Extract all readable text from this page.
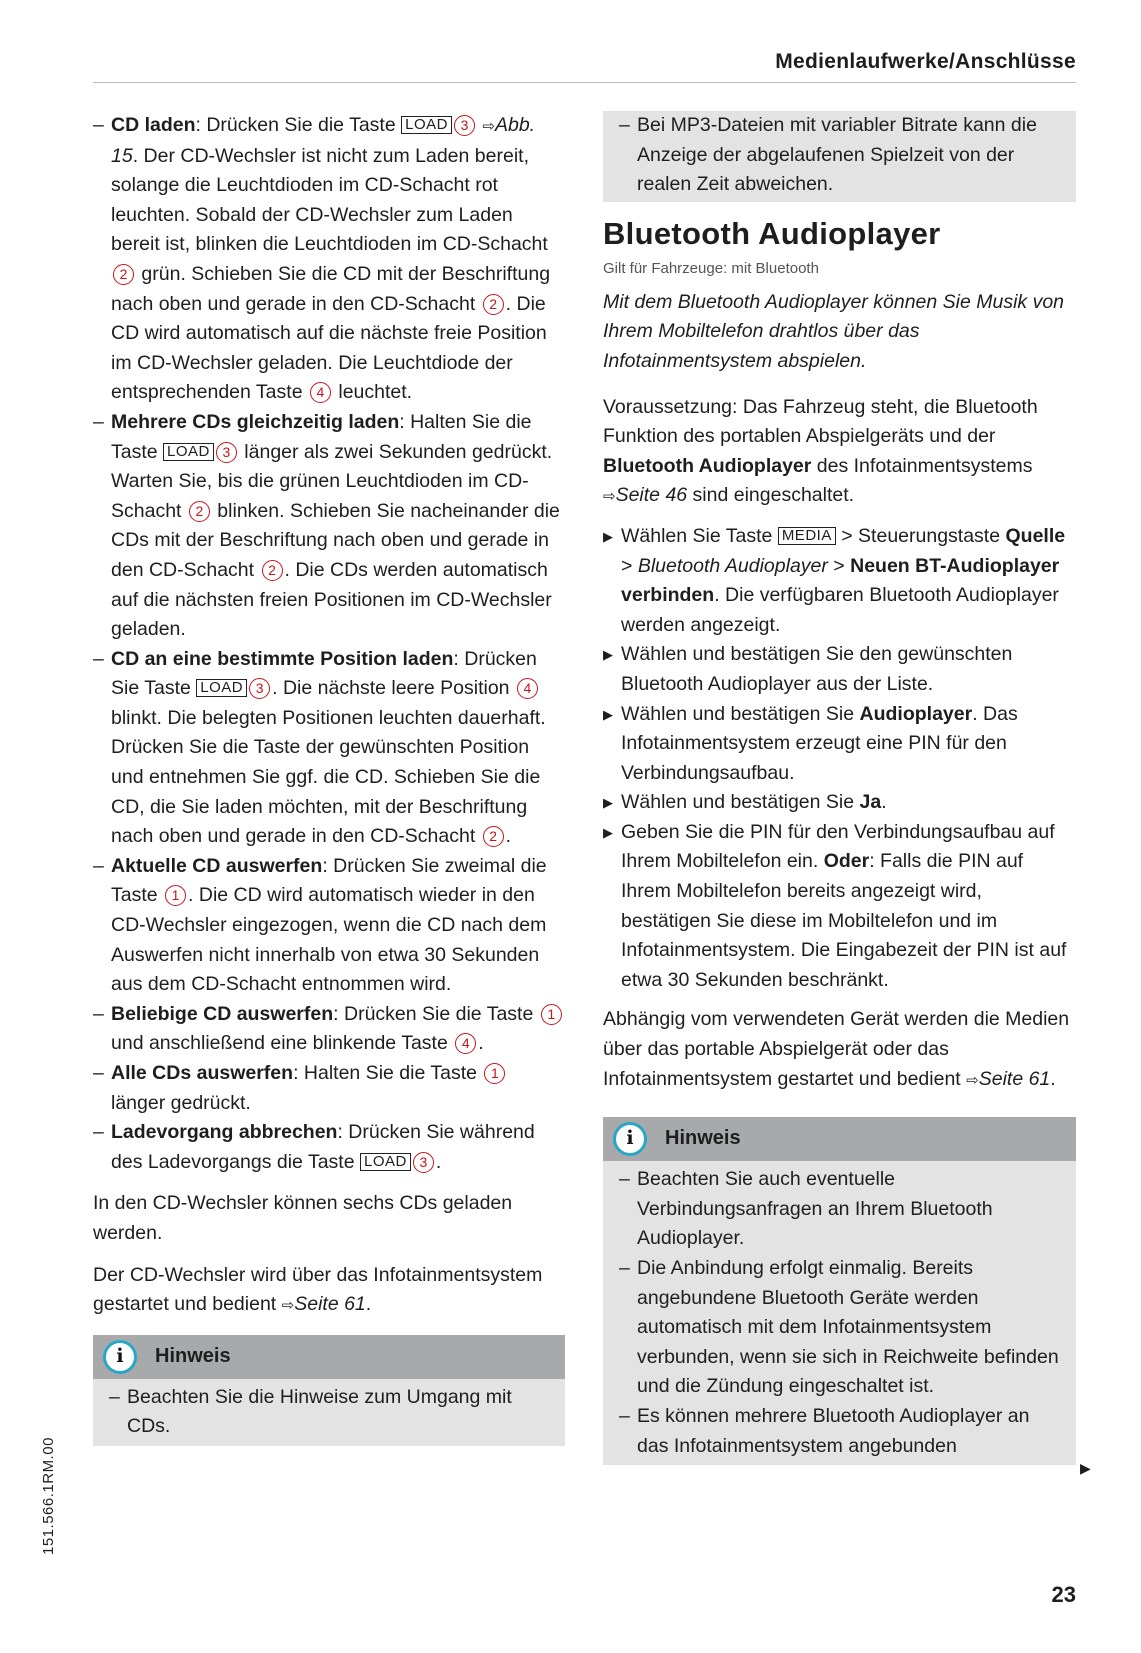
Medienlaufwerke/Anschlüsse

– CD laden: Drücken Sie die Taste LOAD 3 ⇨Abb. 15. Der CD-Wechsler ist nicht zum Laden bereit, solange die Leuchtdioden im CD-Schacht rot leuchten. Sobald der CD-Wechsler zum Laden bereit ist, blinken die Leuchtdioden im CD-Schacht 2 grün. Schieben Sie die CD mit der Beschriftung nach oben und gerade in den CD-Schacht 2 . Die CD wird automatisch auf die nächste freie Position im CD-Wechsler geladen. Die Leuchtdiode der entsprechenden Taste 4 leuchtet.

– Mehrere CDs gleichzeitig laden: Halten Sie die Taste LOAD 3 länger als zwei Sekunden gedrückt. Warten Sie, bis die grünen Leuchtdioden im CD-Schacht 2 blinken. Schieben Sie nacheinander die CDs mit der Beschriftung nach oben und gerade in den CD-Schacht 2 . Die CDs werden automatisch auf die nächsten freien Positionen im CD-Wechsler geladen.

– CD an eine bestimmte Position laden: Drücken Sie Taste LOAD 3 . Die nächste leere Position 4 blinkt. Die belegten Positionen leuchten dauerhaft. Drücken Sie die Taste der gewünschten Position und entnehmen Sie ggf. die CD. Schieben Sie die CD, die Sie laden möchten, mit der Beschriftung nach oben und gerade in den CD-Schacht 2 .

– Aktuelle CD auswerfen: Drücken Sie zweimal die Taste 1 . Die CD wird automatisch wieder in den CD-Wechsler eingezogen, wenn die CD nach dem Auswerfen nicht innerhalb von etwa 30 Sekunden aus dem CD-Schacht entnommen wird.

– Beliebige CD auswerfen: Drücken Sie die Taste 1 und anschließend eine blinkende Taste 4 .

– Alle CDs auswerfen: Halten Sie die Taste 1 länger gedrückt.

– Ladevorgang abbrechen: Drücken Sie während des Ladevorgangs die Taste LOAD 3 .

In den CD-Wechsler können sechs CDs geladen werden.

Der CD-Wechsler wird über das Infotainmentsystem gestartet und bedient ⇨Seite 61.

i	Hinweis

– Beachten Sie die Hinweise zum Umgang mit CDs.

– Bei MP3-Dateien mit variabler Bitrate kann die Anzeige der abgelaufenen Spielzeit von der realen Zeit abweichen.

Bluetooth Audioplayer
Gilt für Fahrzeuge: mit Bluetooth

Mit dem Bluetooth Audioplayer können Sie Musik von Ihrem Mobiltelefon drahtlos über das Infotainmentsystem abspielen.

Voraussetzung: Das Fahrzeug steht, die Bluetooth Funktion des portablen Abspielgeräts und der Bluetooth Audioplayer des Infotainmentsystems ⇨Seite 46 sind eingeschaltet.

▶ Wählen Sie Taste MEDIA > Steuerungstaste Quelle > Bluetooth Audioplayer > Neuen BT-Audioplayer verbinden. Die verfügbaren Bluetooth Audioplayer werden angezeigt.

▶ Wählen und bestätigen Sie den gewünschten Bluetooth Audioplayer aus der Liste.

▶ Wählen und bestätigen Sie Audioplayer. Das Infotainmentsystem erzeugt eine PIN für den Verbindungsaufbau.

▶ Wählen und bestätigen Sie Ja.

▶ Geben Sie die PIN für den Verbindungsaufbau auf Ihrem Mobiltelefon ein. Oder: Falls die PIN auf Ihrem Mobiltelefon bereits angezeigt wird, bestätigen Sie diese im Mobiltelefon und im Infotainmentsystem. Die Eingabezeit der PIN ist auf etwa 30 Sekunden beschränkt.

Abhängig vom verwendeten Gerät werden die Medien über das portable Abspielgerät oder das Infotainmentsystem gestartet und bedient ⇨Seite 61.

i	Hinweis

– Beachten Sie auch eventuelle Verbindungsanfragen an Ihrem Bluetooth Audioplayer.

– Die Anbindung erfolgt einmalig. Bereits angebundene Bluetooth Geräte werden automatisch mit dem Infotainmentsystem verbunden, wenn sie sich in Reichweite befinden und die Zündung eingeschaltet ist.

– Es können mehrere Bluetooth Audioplayer an das Infotainmentsystem angebunden

▶
151.566.1RM.00
23
